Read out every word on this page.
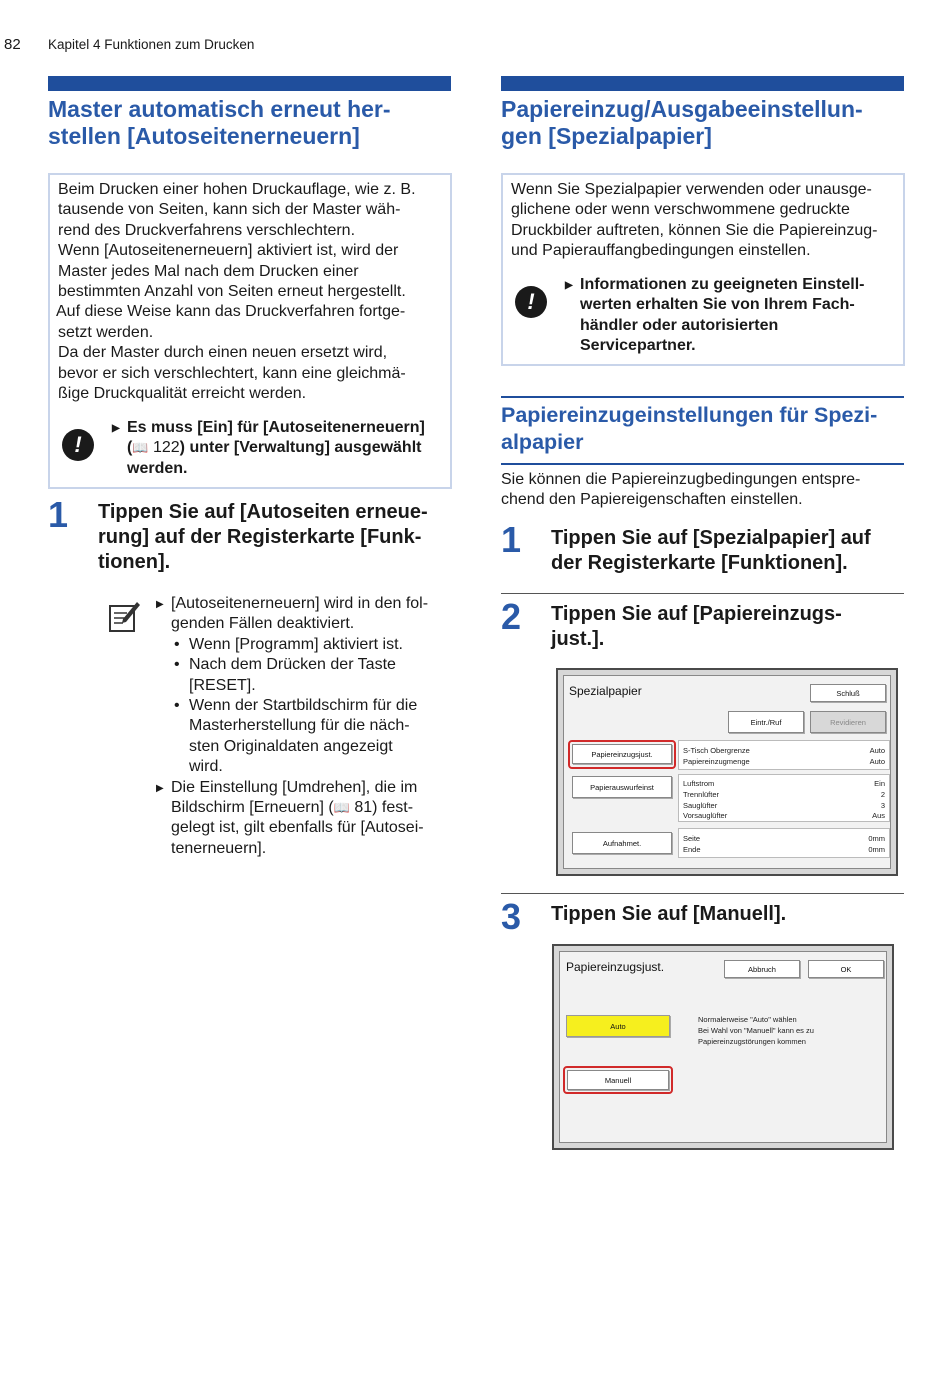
82 Kapitel 4 Funktionen zum Drucken
Master automatisch erneut her-
stellen [Autoseitenerneuern]

Beim Drucken einer hohen Druckauflage, wie z. B.

tausende von Seiten, kann sich der Master wäh-

rend des Druckverfahrens verschlechtern.

Wenn [Autoseitenerneuern] aktiviert ist, wird der

Master jedes Mal nach dem Drucken einer

bestimmten Anzahl von Seiten erneut hergestellt.

Auf diese Weise kann das Druckverfahren fortge-

setzt werden.

Da der Master durch einen neuen ersetzt wird,

bevor er sich verschlechtert, kann eine gleichmä-

ßige Druckqualität erreicht werden.

!

▶ Es muss [Ein] für [Autoseitenerneuern]

(📖 122) unter [Verwaltung] ausgewählt

werden.

1 Tippen Sie auf [Autoseiten erneue-
rung] auf der Registerkarte [Funk-
tionen].

▶ [Autoseitenerneuern] wird in den fol-

genden Fällen deaktiviert.

• Wenn [Programm] aktiviert ist.

• Nach dem Drücken der Taste

[RESET].

• Wenn der Startbildschirm für die

Masterherstellung für die näch-

sten Originaldaten angezeigt

wird.

▶ Die Einstellung [Umdrehen], die im

Bildschirm [Erneuern] (📖 81) fest-

gelegt ist, gilt ebenfalls für [Autosei-

tenerneuern].

Papiereinzug/Ausgabeeinstellun-
gen [Spezialpapier]

Wenn Sie Spezialpapier verwenden oder unausge-

glichene oder wenn verschwommene gedruckte

Druckbilder auftreten, können Sie die Papiereinzug-

und Papierauffangbedingungen einstellen.

!

▶ Informationen zu geeigneten Einstell-

werten erhalten Sie von Ihrem Fach-

händler oder autorisierten

Servicepartner.

Papiereinzugeinstellungen für Spezi-
alpapier

Sie können die Papiereinzugbedingungen entspre-

chend den Papiereigenschaften einstellen.

1 Tippen Sie auf [Spezialpapier] auf
der Registerkarte [Funktionen].
2 Tippen Sie auf [Papiereinzugs-
just.].
Spezialpapier	Schluß
Eintr./Ruf	Revidieren
Papiereinzugsjust.	S-Tisch Obergrenze	Auto
Papiereinzugmenge	Auto
Papierauswurfeinst	Luftstrom	Ein
Trennlüfter	2
Sauglüfter	3
Vorsauglüfter	Aus
Aufnahmet.	Seite	0mm
Ende	0mm
3 Tippen Sie auf [Manuell].
Papiereinzugsjust.	Abbruch	OK
Auto
Manuell
Normalerweise "Auto" wählen
Bei Wahl von "Manuell" kann es zu
Papiereinzugstörungen kommen
